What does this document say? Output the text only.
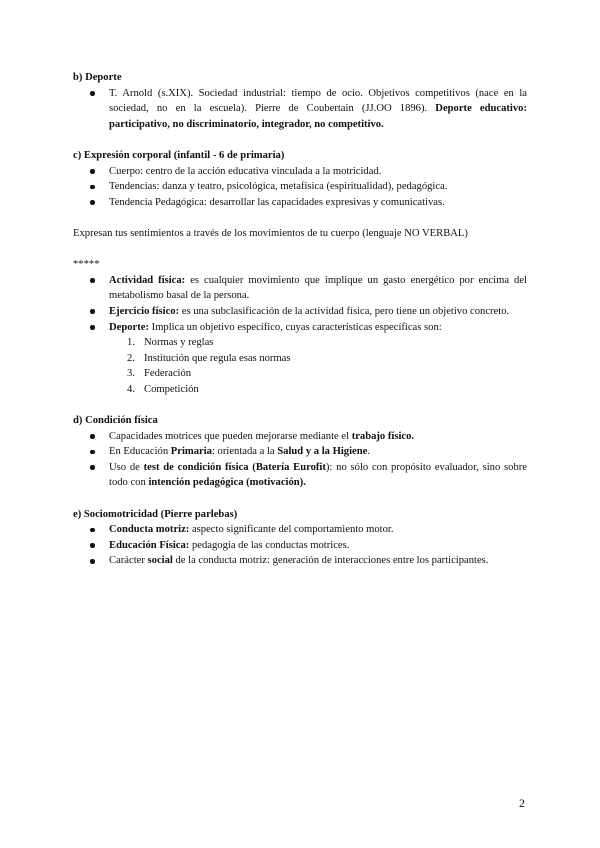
b) Deporte

T. Arnold (s.XIX). Sociedad industrial: tiempo de ocio. Objetivos competitivos (nace en la sociedad, no en la escuela). Pierre de Coubertain (JJ.OO 1896). Deporte educativo: participativo, no discriminatorio, integrador, no competitivo.

c) Expresión corporal (infantil - 6 de primaria)

Cuerpo: centro de la acción educativa vinculada a la motricidad.
Tendencias: danza y teatro, psicológica, metafísica (espiritualidad), pedagógica.
Tendencia Pedagógica: desarrollar las capacidades expresivas y comunicativas.

Expresan tus sentimientos a través de los movimientos de tu cuerpo (lenguaje NO VERBAL)

*****

Actividad física: es cualquier movimiento que implique un gasto energético por encima del metabolismo basal de la persona.
Ejercicio físico: es una subclasificación de la actividad física, pero tiene un objetivo concreto.
Deporte: Implica un objetivo específico, cuyas características específicas son:
1. Normas y reglas
2. Institución que regula esas normas
3. Federación
4. Competición

d) Condición física

Capacidades motrices que pueden mejorarse mediante el trabajo físico.
En Educación Primaria: orientada a la Salud y a la Higiene.
Uso de test de condición física (Batería Eurofit): no sólo con propósito evaluador, sino sobre todo con intención pedagógica (motivación).

e) Sociomotricidad (Pierre parlebas)

Conducta motriz: aspecto significante del comportamiento motor.
Educación Física: pedagogía de las conductas motrices.
Carácter social de la conducta motriz: generación de interacciones entre los participantes.
2
